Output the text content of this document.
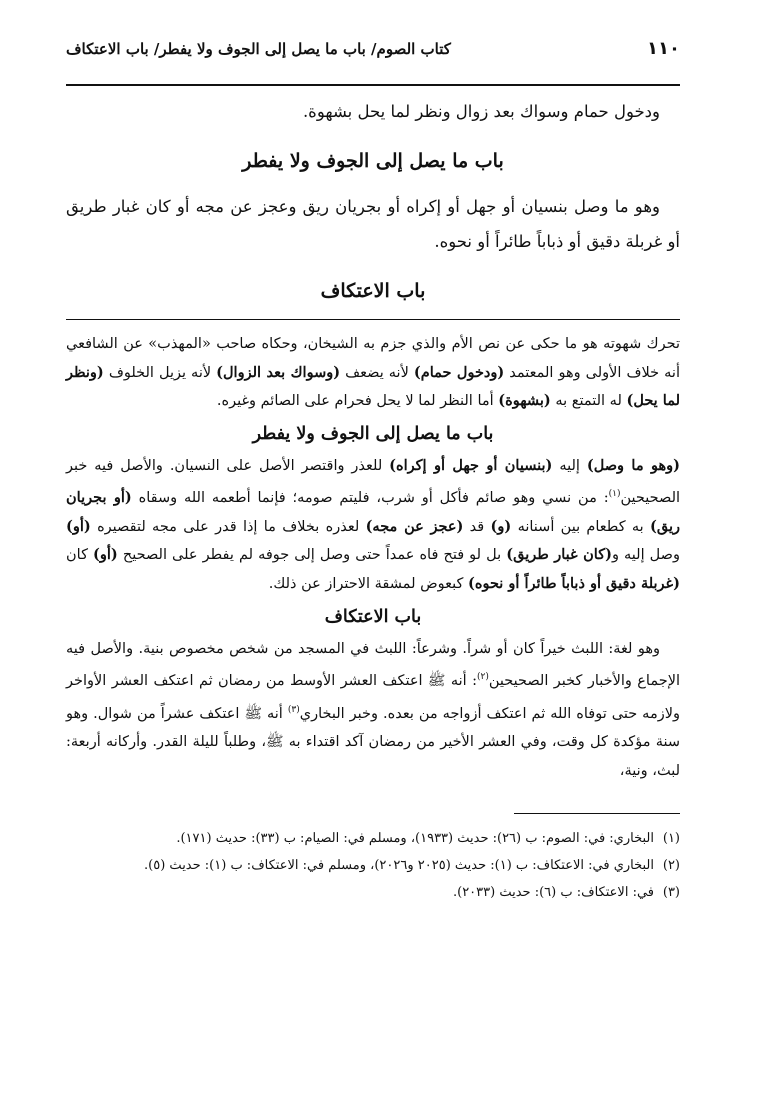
١١٠
كتاب الصوم/ باب ما يصل إلى الجوف ولا يفطر/ باب الاعتكاف

ودخول حمام وسواك بعد زوال ونظر لما يحل بشهوة.

باب ما يصل إلى الجوف ولا يفطر

وهو ما وصل بنسيان أو جهل أو إكراه أو بجريان ريق وعجز عن مجه أو كان غبار طريق أو غربلة دقيق أو ذباباً طائراً أو نحوه.

باب الاعتكاف

تحرك شهوته هو ما حكى عن نص الأم والذي جزم به الشيخان، وحكاه صاحب «المهذب» عن الشافعي أنه خلاف الأولى وهو المعتمد (ودخول حمام) لأنه يضعف (وسواك بعد الزوال) لأنه يزيل الخلوف (ونظر لما يحل) له التمتع به (بشهوة) أما النظر لما لا يحل فحرام على الصائم وغيره.

باب ما يصل إلى الجوف ولا يفطر

(وهو ما وصل) إليه (بنسيان أو جهل أو إكراه) للعذر واقتصر الأصل على النسيان. والأصل فيه خبر الصحيحين$^{(١)}$: من نسي وهو صائم فأكل أو شرب، فليتم صومه؛ فإنما أطعمه الله وسقاه (أو بجريان ريق) به كطعام بين أسنانه (و) قد (عجز عن مجه) لعذره بخلاف ما إذا قدر على مجه لتقصيره (أو) وصل إليه و(كان غبار طريق) بل لو فتح فاه عمداً حتى وصل إلى جوفه لم يفطر على الصحيح (أو) كان (غربلة دقيق أو ذباباً طائراً أو نحوه) كبعوض لمشقة الاحتراز عن ذلك.

باب الاعتكاف

وهو لغة: اللبث خيراً كان أو شراً. وشرعاً: اللبث في المسجد من شخص مخصوص بنية. والأصل فيه الإجماع والأخبار كخبر الصحيحين$^{(٢)}$: أنه ﷺ اعتكف العشر الأوسط من رمضان ثم اعتكف العشر الأواخر ولازمه حتى توفاه الله ثم اعتكف أزواجه من بعده. وخبر البخاري$^{(٣)}$ أنه ﷺ اعتكف عشراً من شوال. وهو سنة مؤكدة كل وقت، وفي العشر الأخير من رمضان آكد اقتداء به ﷺ، وطلباً لليلة القدر. وأركانه أربعة: لبث، ونية،

(١)
البخاري: في: الصوم: ب (٢٦): حديث (١٩٣٣)، ومسلم في: الصيام: ب (٣٣): حديث (١٧١).
(٢)
البخاري في: الاعتكاف: ب (١): حديث (٢٠٢٥ و٢٠٢٦)، ومسلم في: الاعتكاف: ب (١): حديث (٥).
(٣)
في: الاعتكاف: ب (٦): حديث (٢٠٣٣).
